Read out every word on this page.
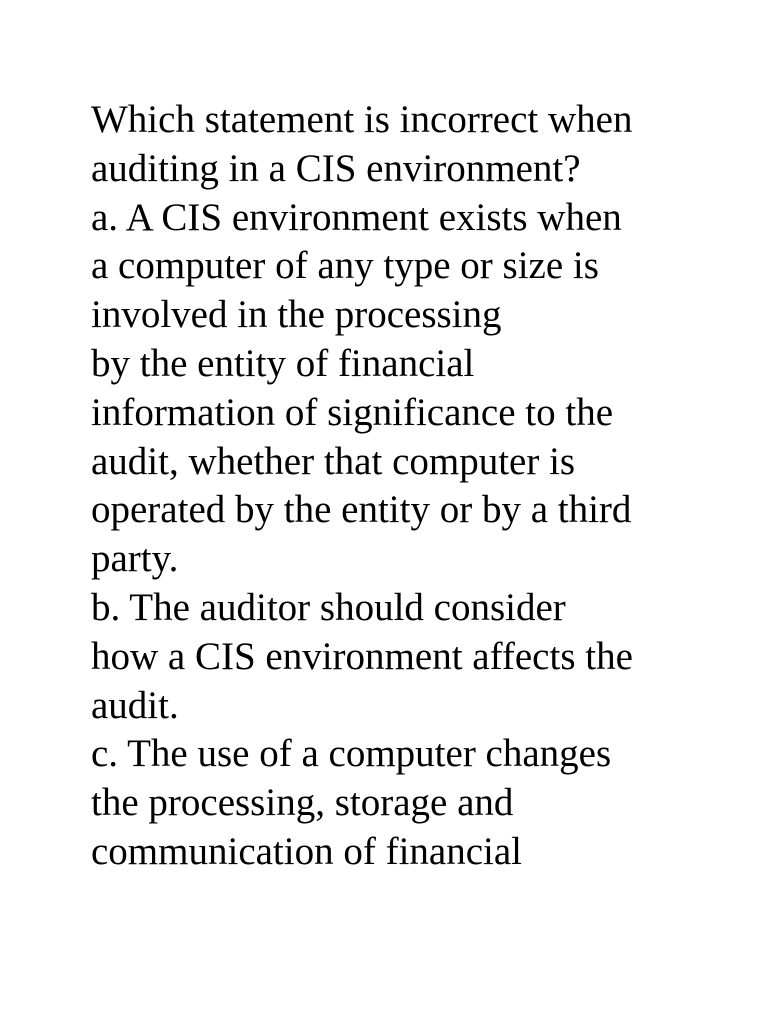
Which statement is incorrect when
auditing in a CIS environment?
a. A CIS environment exists when
a computer of any type or size is
involved in the processing
by the entity of financial
information of significance to the
audit, whether that computer is
operated by the entity or by a third
party.
b. The auditor should consider
how a CIS environment affects the
audit.
c. The use of a computer changes
the processing, storage and
communication of financial
